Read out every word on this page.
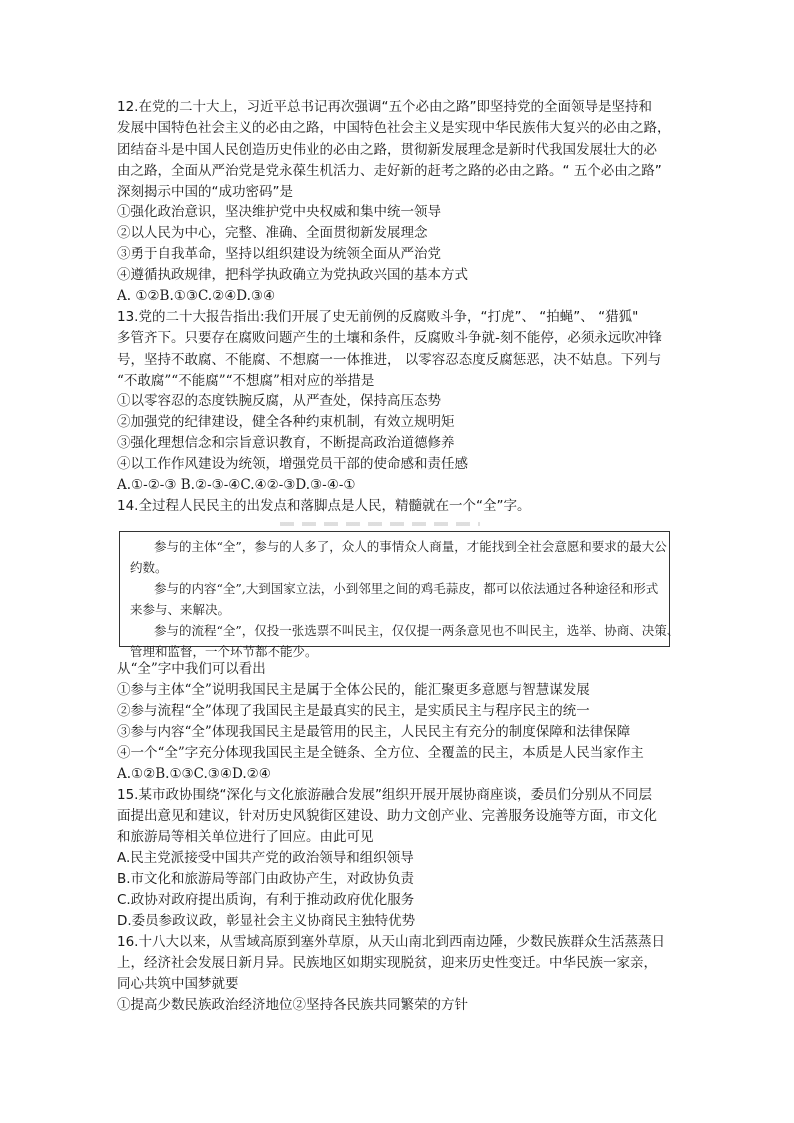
12.在党的二十大上，习近平总书记再次强调“五个必由之路”即坚持党的全面领导是坚持和
发展中国特色社会主义的必由之路，中国特色社会主义是实现中华民族伟大复兴的必由之路，
团结奋斗是中国人民创造历史伟业的必由之路，贯彻新发展理念是新时代我国发展壮大的必
由之路，全面从严治党是党永葆生机活力、走好新的赶考之路的必由之路。“ 五个必由之路”
深刻揭示中国的“成功密码”是
①强化政治意识，坚决维护党中央权威和集中统一领导
②以人民为中心，完整、准确、全面贯彻新发展理念
③勇于自我革命，坚持以组织建设为统领全面从严治党
④遵循执政规律，把科学执政确立为党执政兴国的基本方式
A. ①②B.①③C.②④D.③④
13.党的二十大报告指出:我们开展了史无前例的反腐败斗争，“打虎”、 “拍蝇”、 “猎狐"
多管齐下。只要存在腐败问题产生的土壤和条件，反腐败斗争就-刻不能停，必须永远吹冲锋
号，坚持不敢腐、不能腐、不想腐一一体推进， 以零容忍态度反腐惩恶，决不姑息。下列与
“不敢腐”“不能腐”“不想腐”相对应的举措是
①以零容忍的态度铁腕反腐，从严查处，保持高压态势
②加强党的纪律建设，健全各种约束机制，有效立规明矩
③强化理想信念和宗旨意识教育，不断提高政治道德修养
④以工作作风建设为统领，增强党员干部的使命感和责任感
A.①-②-③ B.②-③-④C.④②-③D.③-④-①
14.全过程人民民主的出发点和落脚点是人民，精髓就在一个“全”字。

参与的主体“全”，参与的人多了，众人的事情众人商量，才能找到全社会意愿和要求的最大公

约数。

参与的内容“全”,大到国家立法，小到邻里之间的鸡毛蒜皮，都可以依法通过各种途径和形式

来参与、来解决。

参与的流程“全”，仅投一张选票不叫民主，仅仅提一两条意见也不叫民主，选举、协商、决策、

管理和监督，一个环节都不能少。

从“全”字中我们可以看出
①参与主体“全”说明我国民主是属于全体公民的，能汇聚更多意愿与智慧谋发展
②参与流程“全”体现了我国民主是最真实的民主，是实质民主与程序民主的统一
③参与内容“全”体现我国民主是最管用的民主，人民民主有充分的制度保障和法律保障
④一个“全”字充分体现我国民主是全链条、全方位、全覆盖的民主，本质是人民当家作主
A.①②B.①③C.③④D.②④
15.某市政协围绕“深化与文化旅游融合发展”组织开展开展协商座谈，委员们分别从不同层
面提出意见和建议，针对历史风貌街区建设、助力文创产业、完善服务设施等方面，市文化
和旅游局等相关单位进行了回应。由此可见
A.民主党派接受中国共产党的政治领导和组织领导
B.市文化和旅游局等部门由政协产生，对政协负责
C.政协对政府提出质询，有利于推动政府优化服务
D.委员参政议政，彰显社会主义协商民主独特优势
16.十八大以来，从雪域高原到塞外草原，从天山南北到西南边陲，少数民族群众生活蒸蒸日
上，经济社会发展日新月异。民族地区如期实现脱贫，迎来历史性变迁。中华民族一家亲，
同心共筑中国梦就要
①提高少数民族政治经济地位②坚持各民族共同繁荣的方针
